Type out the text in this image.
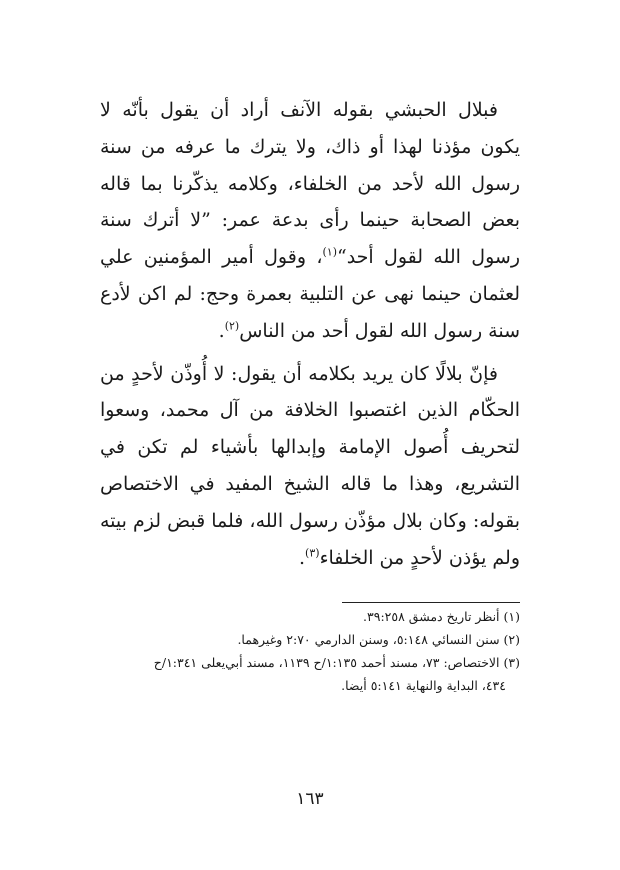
فبلال الحبشي بقوله الآنف أراد أن يقول بأنّه لا يكون مؤذنا لهذا أو ذاك، ولا يترك ما عرفه من سنة رسول الله لأحد من الخلفاء، وكلامه يذكّرنا بما قاله بعض الصحابة حينما رأى بدعة عمر: ”لا أترك سنة رسول الله لقول أحد“$^{(١)}$، وقول أمير المؤمنين علي لعثمان حينما نهى عن التلبية بعمرة وحج: لم اكن لأدع سنة رسول الله لقول أحد من الناس$^{(٢)}$.

فإنّ بلالًا كان يريد بكلامه أن يقول: لا أُوذّن لأحدٍ من الحكّام الذين اغتصبوا الخلافة من آل محمد، وسعوا لتحريف أُصول الإمامة وإبدالها بأشياء لم تكن في التشريع، وهذا ما قاله الشيخ المفيد في الاختصاص بقوله: وكان بلال مؤذّن رسول الله، فلما قبض لزم بيته ولم يؤذن لأحدٍ من الخلفاء$^{(٣)}$.

(١) أنظر تاريخ دمشق ٣٩:٢٥٨.

(٢) سنن النسائي ٥:١٤٨، وسنن الدارمي ٢:٧٠ وغيرهما.

(٣) الاختصاص: ٧٣، مسند أحمد ١:١٣٥/ح ١١٣٩، مسند أبي‌يعلى ١:٣٤١/ح

٤٣٤، البداية والنهاية ٥:١٤١ أيضا.

١٦٣
